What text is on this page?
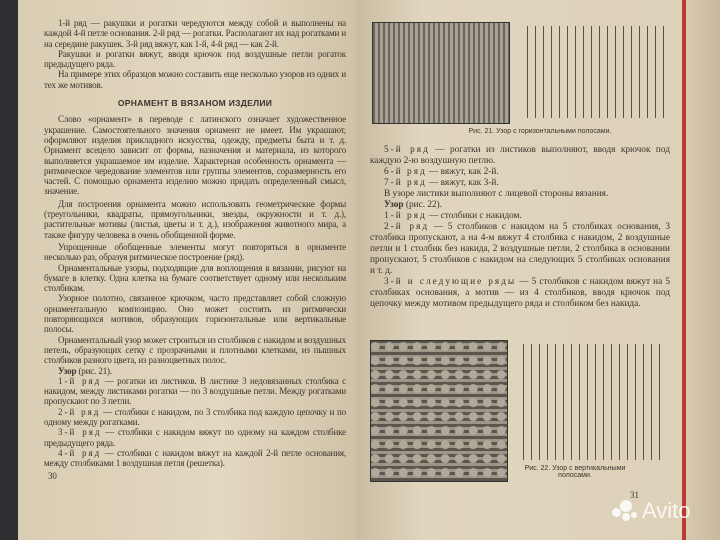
1-й ряд — ракушки и рогатки чередуются между собой и выполнены на каждой 4-й петле основания. 2-й ряд — рогатки. Располагают их над рогатками и на середине ракушек. 3-й ряд вяжут, как 1-й, 4-й ряд — как 2-й.

Ракушки и рогатки вяжут, вводя крючок под воздушные петли рогаток предыдущего ряда.

На примере этих образцов можно составить еще несколько узоров из одних и тех же мотивов.

ОРНАМЕНТ В ВЯЗАНОМ ИЗДЕЛИИ

Слово «орнамент» в переводе с латинского означает художественное украшение. Самостоятельного значения орнамент не имеет. Им украшают, оформляют изделия прикладного искусства, одежду, предметы быта и т. д. Орнамент всецело зависит от формы, назначения и материала, из которого выполняется украшаемое им изделие. Характерная особенность орнамента — ритмическое чередование элементов или группы элементов, соразмерность его частей. С помощью орнамента изделию можно придать определенный смысл, значение.

Для построения орнамента можно использовать геометрические формы (треугольники, квадраты, прямоугольники, звезды, окружности и т. д.), растительные мотивы (листья, цветы и т. д.), изображения животного мира, а также фигуру человека в очень обобщенной форме.

Упрощенные обобщенные элементы могут повторяться в орнаменте несколько раз, образуя ритмическое построение (ряд).

Орнаментальные узоры, подходящие для воплощения в вязании, рисуют на бумаге в клетку. Одна клетка на бумаге соответствует одному или нескольким столбикам.

Узорное полотно, связанное крючком, часто представляет собой сложную орнаментальную композицию. Оно может состоять из ритмически повторяющихся мотивов, образующих горизонтальные или вертикальные полосы.

Орнаментальный узор может строиться из столбиков с накидом и воздушных петель, образующих сетку с прозрачными и плотными клетками, из пышных столбиков разного цвета, из разноцветных полос.

Узор (рис. 21).

1-й ряд — рогатки из листиков. В листике 3 недовязанных столбика с накидом, между листиками рогатки — по 3 воздушные петли. Между рогатками пропускают по 3 петли.

2-й ряд — столбики с накидом, по 3 столбика под каждую цепочку и по одному между рогатками.

3-й ряд — столбики с накидом вяжут по одному на каждом столбике предыдущего ряда.

4-й ряд — столбики с накидом вяжут на каждой 2-й петле основания, между столбиками 1 воздушная петля (решетка).

30
Рис. 21. Узор с горизонтальными полосами.

5-й ряд — рогатки из листиков выполняют, вводя крючок под каждую 2-ю воздушную петлю.

6-й ряд — вяжут, как 2-й.

7-й ряд — вяжут, как 3-й.

В узоре листики выполняют с лицевой стороны вязания.

Узор (рис. 22).

1-й ряд — столбики с накидом.

2-й ряд — 5 столбиков с накидом на 5 столбиках основания, 3 столбика пропускают, а на 4-м вяжут 4 столбика с накидом, 2 воздушные петли и 1 столбик без накида, 2 воздушные петли, 2 столбика в основании пропускают, 5 столбиков с накидом на следующих 5 столбиках основания и т. д.

3-й и следующие ряды — 5 столбиков с накидом вяжут на 5 столбиках основания, а мотив — из 4 столбиков, вводя крючок под цепочку между мотивом предыдущего ряда и столбиком без накида.

Рис. 22. Узор с вертикальными полосами.
31
Avito
